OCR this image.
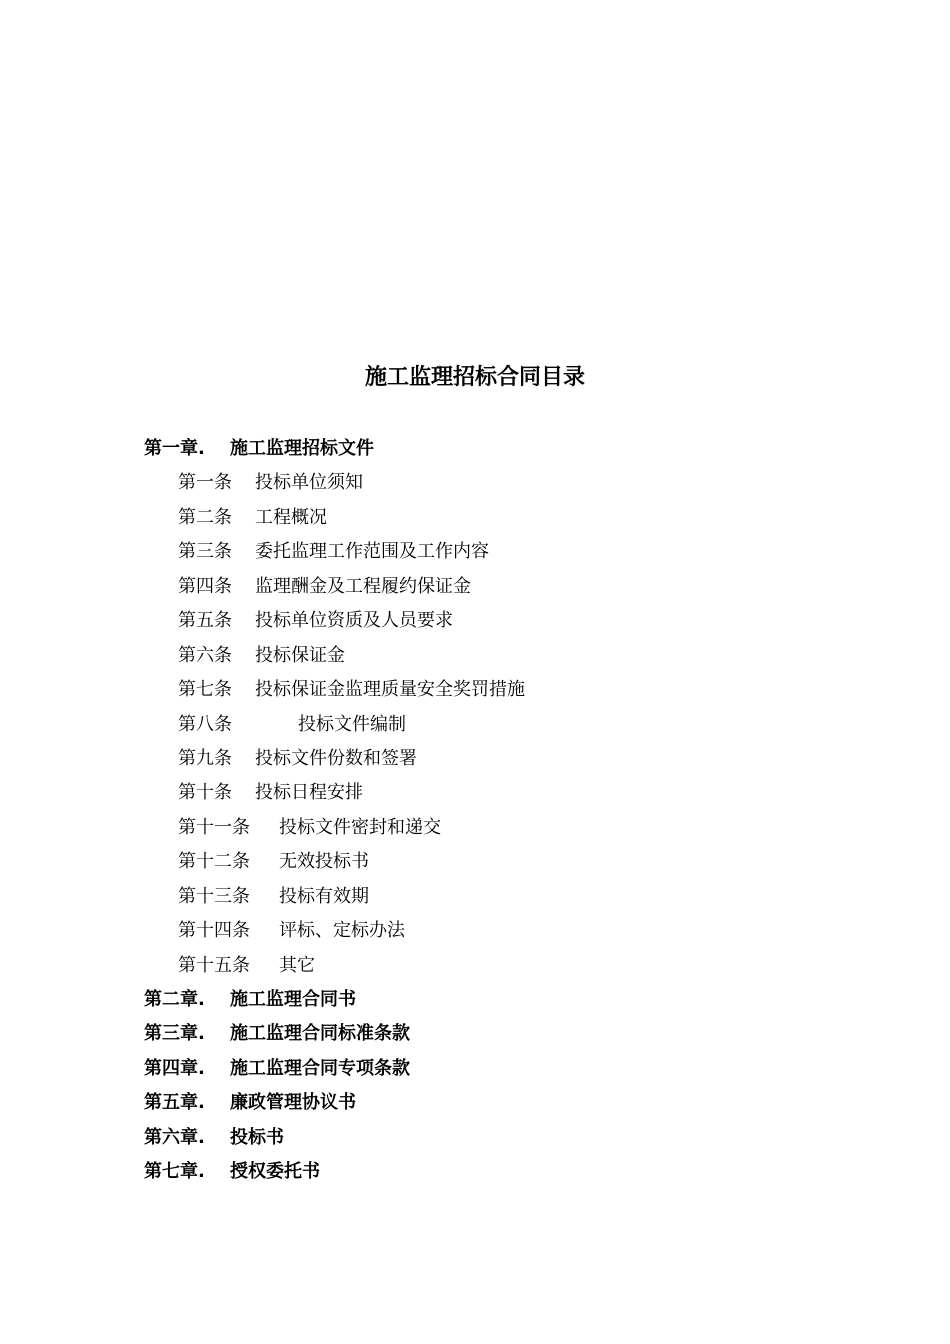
施工监理招标合同目录
第一章. 施工监理招标文件
第一条 投标单位须知
第二条 工程概况
第三条 委托监理工作范围及工作内容
第四条 监理酬金及工程履约保证金
第五条 投标单位资质及人员要求
第六条 投标保证金
第七条 投标保证金监理质量安全奖罚措施
第八条	投标文件编制
第九条 投标文件份数和签署
第十条 投标日程安排
第十一条 投标文件密封和递交
第十二条 无效投标书
第十三条 投标有效期
第十四条 评标、定标办法
第十五条 其它
第二章. 施工监理合同书
第三章. 施工监理合同标准条款
第四章. 施工监理合同专项条款
第五章. 廉政管理协议书
第六章. 投标书
第七章. 授权委托书
